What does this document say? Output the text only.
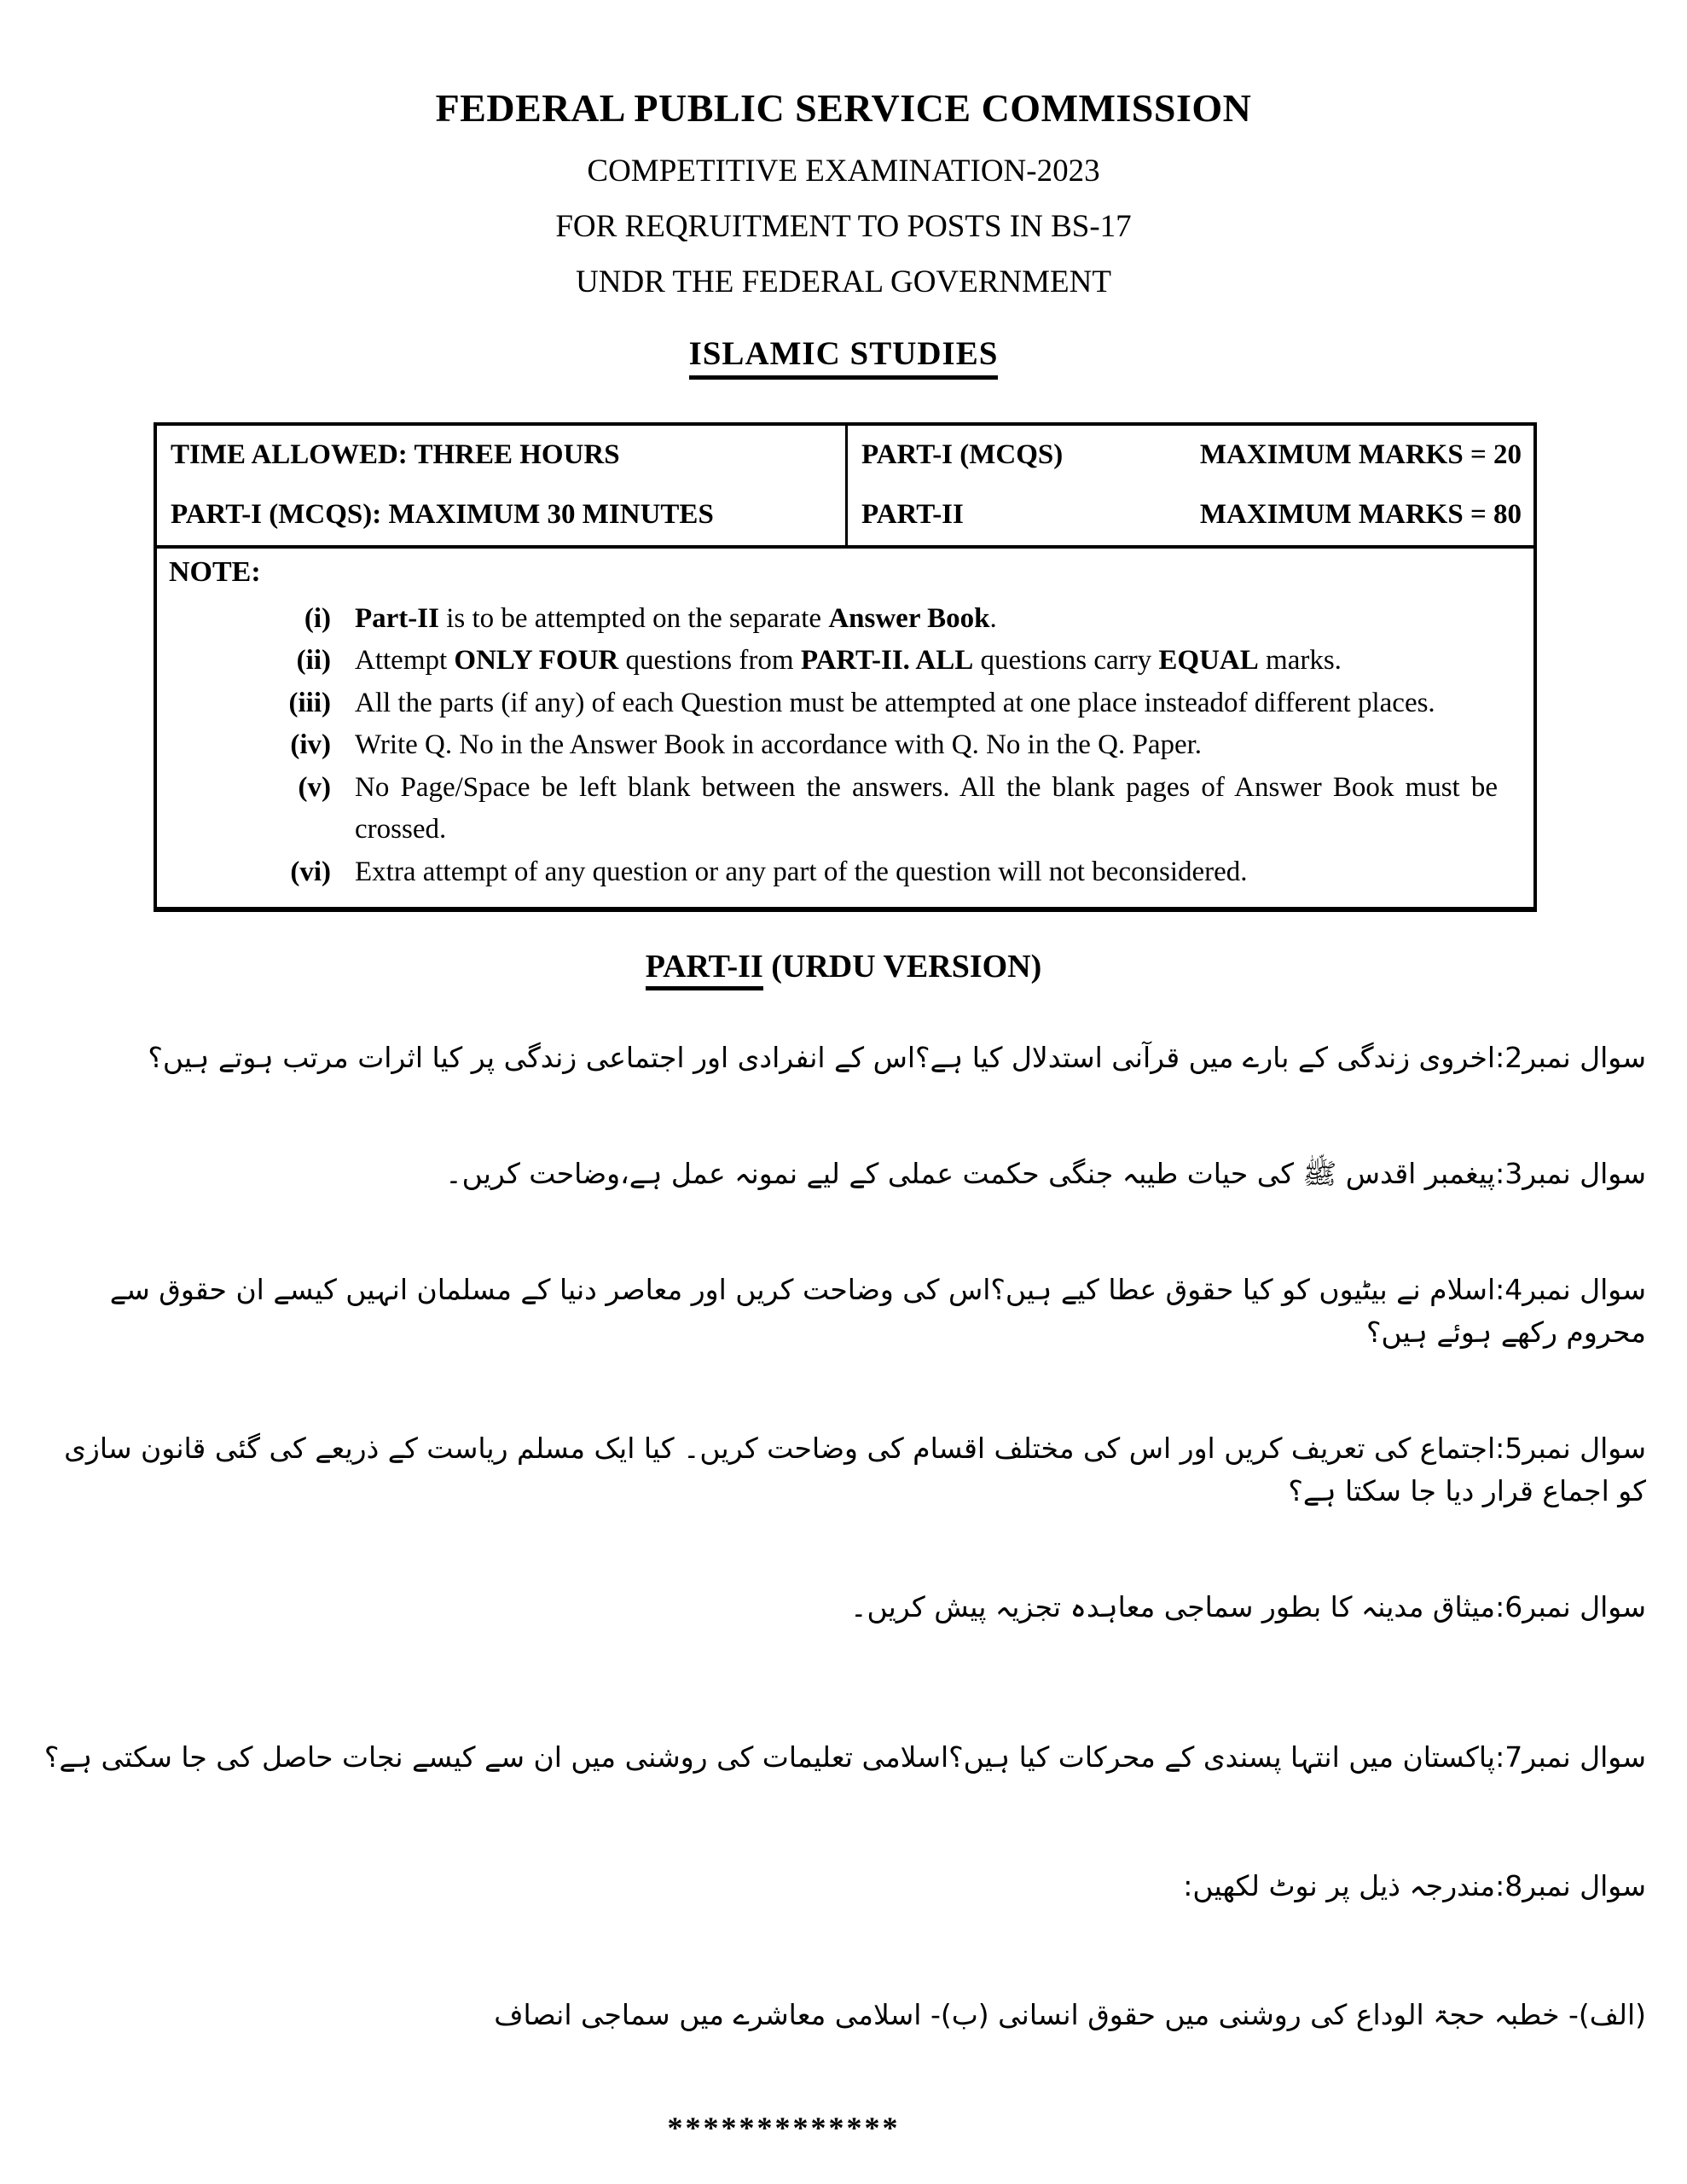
FEDERAL PUBLIC SERVICE COMMISSION
COMPETITIVE EXAMINATION-2023
FOR REQRUITMENT TO POSTS IN BS-17
UNDR THE FEDERAL GOVERNMENT
ISLAMIC STUDIES
TIME ALLOWED: THREE HOURS	PART-I (MCQS)	MAXIMUM MARKS = 20
PART-I (MCQS): MAXIMUM 30 MINUTES	PART-II	MAXIMUM MARKS = 80
NOTE:
(i) Part-II is to be attempted on the separate Answer Book.
(ii) Attempt ONLY FOUR questions from PART-II. ALL questions carry EQUAL marks.
(iii) All the parts (if any) of each Question must be attempted at one place insteadof different places.
(iv) Write Q. No in the Answer Book in accordance with Q. No in the Q. Paper.
(v) No Page/Space be left blank between the answers. All the blank pages of Answer Book must be crossed.
(vi) Extra attempt of any question or any part of the question will not beconsidered.
PART-II (URDU VERSION)
سوال نمبر2:اخروی زندگی کے بارے میں قرآنی استدلال کیا ہے؟اس کے انفرادی اور اجتماعی زندگی پر کیا اثرات مرتب ہوتے ہیں؟
سوال نمبر3:پیغمبر اقدس ﷺ کی حیات طیبہ جنگی حکمت عملی کے لیے نمونہ عمل ہے،وضاحت کریں۔
سوال نمبر4:اسلام نے بیٹیوں کو کیا حقوق عطا کیے ہیں؟اس کی وضاحت کریں اور معاصر دنیا کے مسلمان انہیں کیسے ان حقوق سے محروم رکھے ہوئے ہیں؟
سوال نمبر5:اجتماع کی تعریف کریں اور اس کی مختلف اقسام کی وضاحت کریں۔ کیا ایک مسلم ریاست کے ذریعے کی گئی قانون سازی کو اجماع قرار دیا جا سکتا ہے؟
سوال نمبر6:میثاق مدینہ کا بطور سماجی معاہدہ تجزیہ پیش کریں۔
سوال نمبر7:پاکستان میں انتہا پسندی کے محرکات کیا ہیں؟اسلامی تعلیمات کی روشنی میں ان سے کیسے نجات حاصل کی جا سکتی ہے؟
سوال نمبر8:مندرجہ ذیل پر نوٹ لکھیں:
(الف)- خطبہ حجۃ الوداع کی روشنی میں حقوق انسانی (ب)- اسلامی معاشرے میں سماجی انصاف
*************
